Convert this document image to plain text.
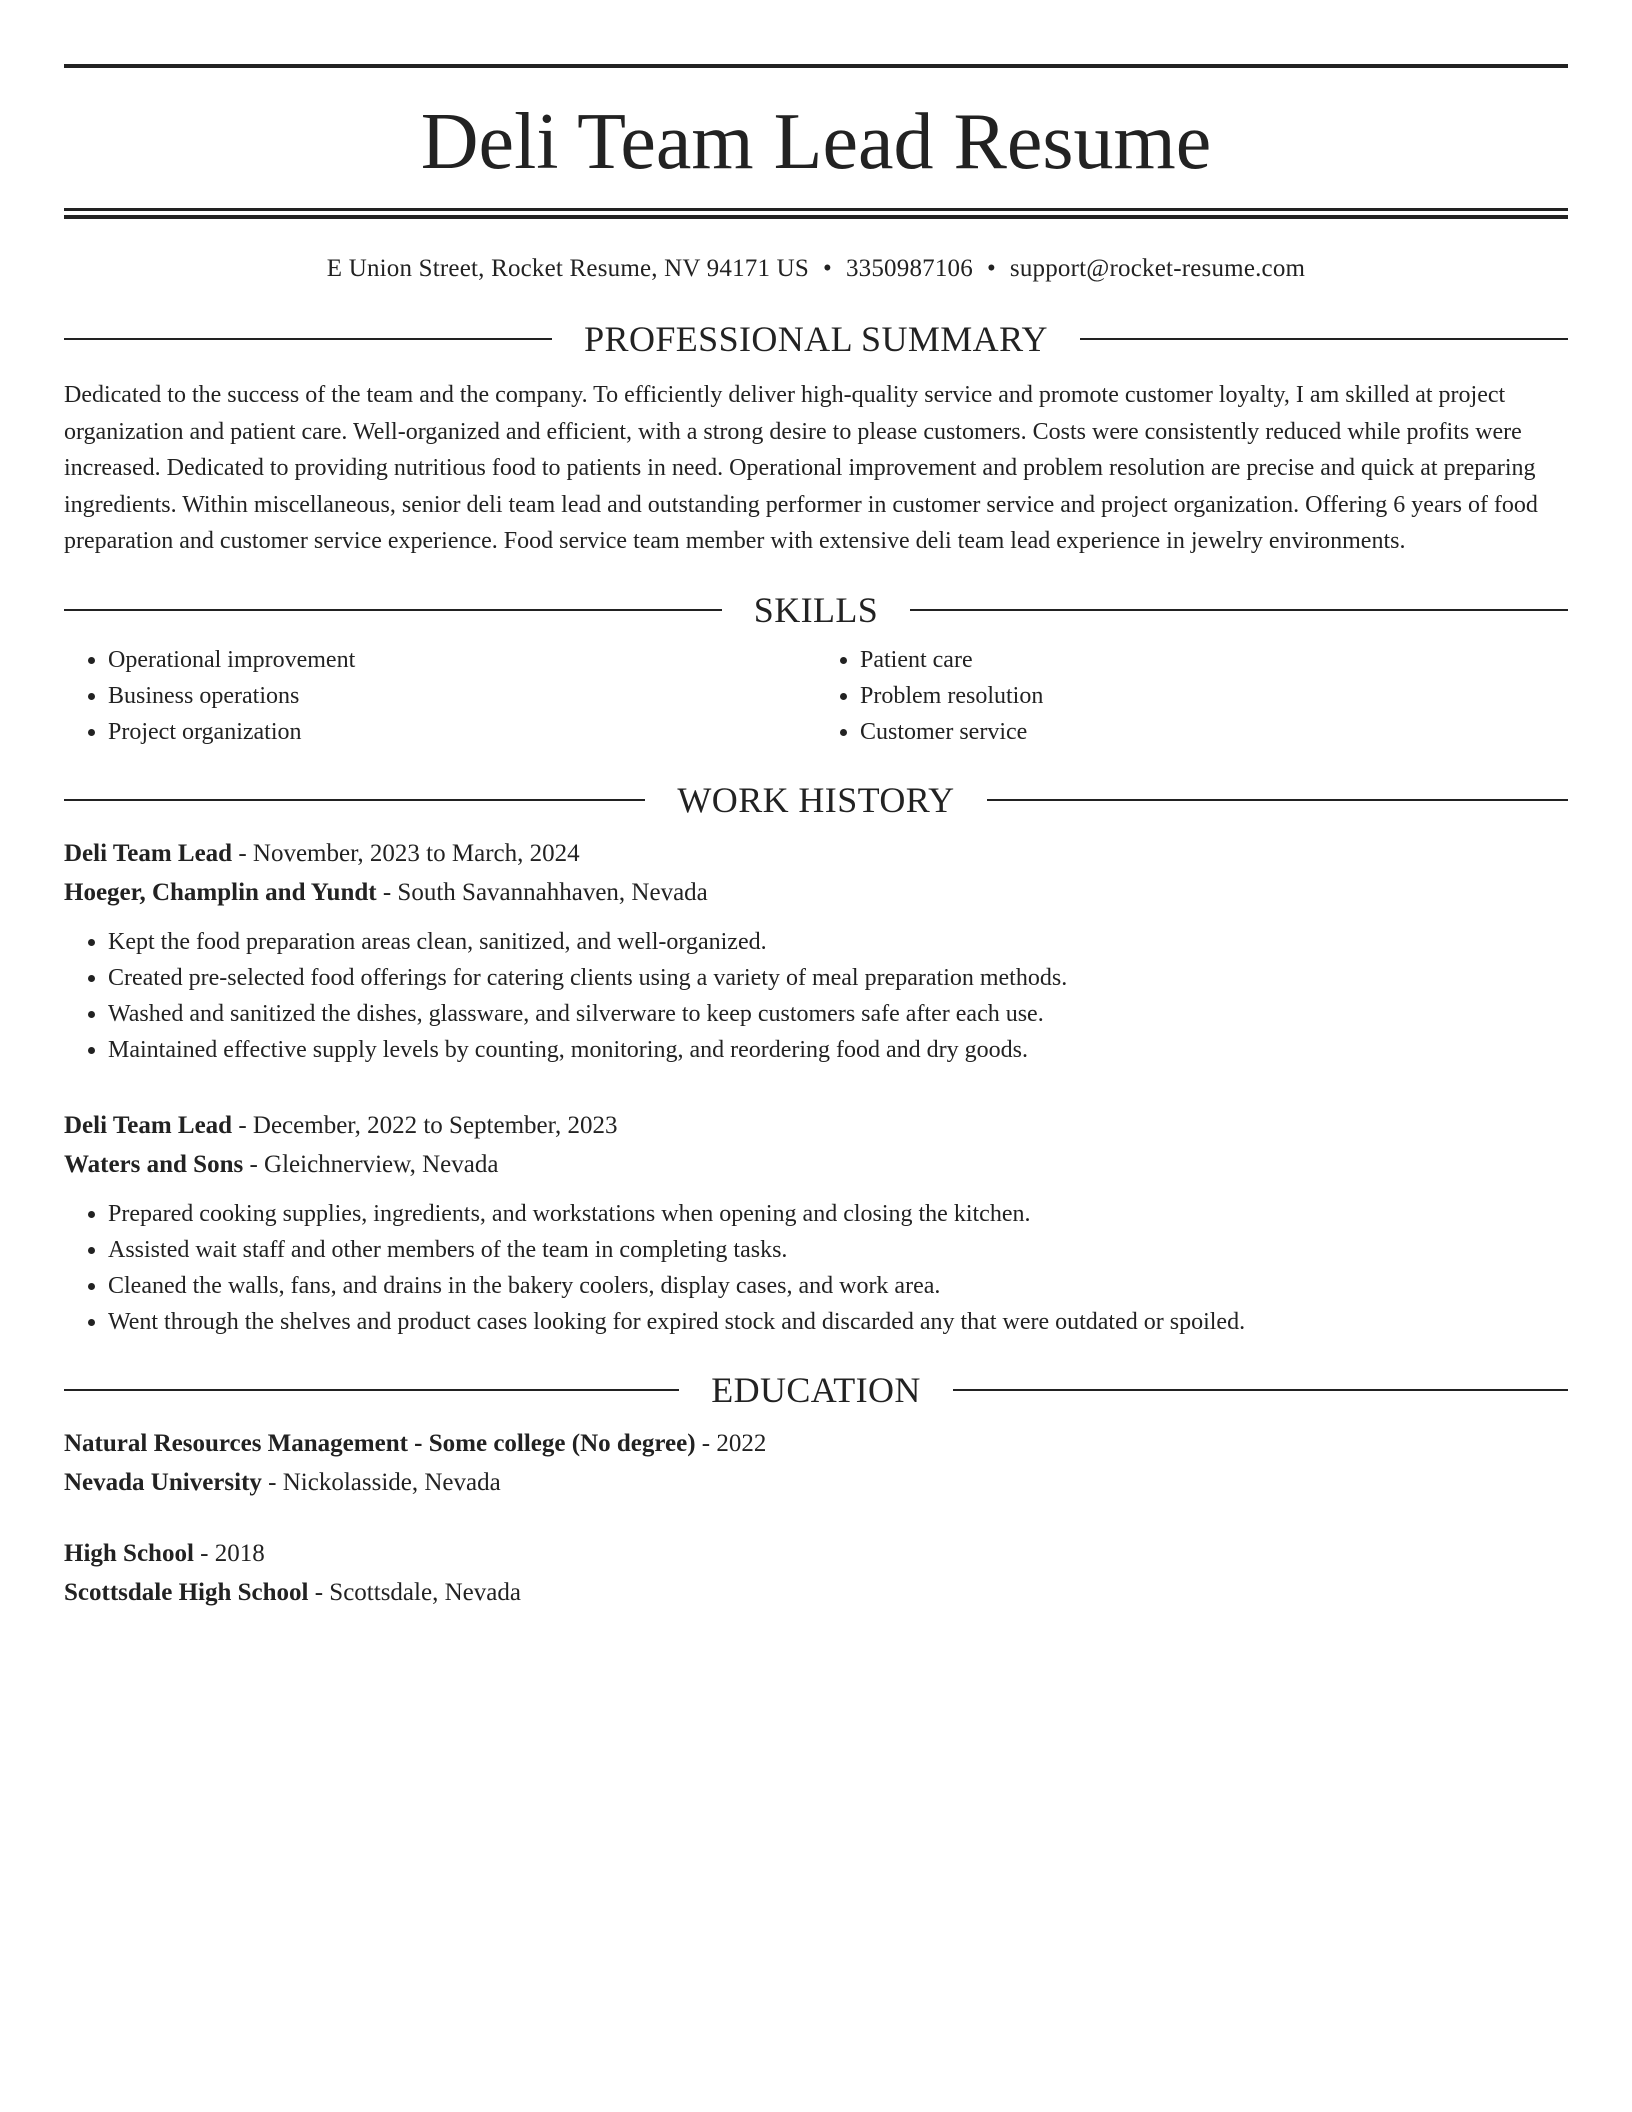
Deli Team Lead Resume
E Union Street, Rocket Resume, NV 94171 US • 3350987106 • support@rocket-resume.com
PROFESSIONAL SUMMARY
Dedicated to the success of the team and the company. To efficiently deliver high-quality service and promote customer loyalty, I am skilled at project organization and patient care. Well-organized and efficient, with a strong desire to please customers. Costs were consistently reduced while profits were increased. Dedicated to providing nutritious food to patients in need. Operational improvement and problem resolution are precise and quick at preparing ingredients. Within miscellaneous, senior deli team lead and outstanding performer in customer service and project organization. Offering 6 years of food preparation and customer service experience. Food service team member with extensive deli team lead experience in jewelry environments.
SKILLS
• Operational improvement
• Business operations
• Project organization
• Patient care
• Problem resolution
• Customer service
WORK HISTORY
Deli Team Lead - November, 2023 to March, 2024
Hoeger, Champlin and Yundt - South Savannahhaven, Nevada
• Kept the food preparation areas clean, sanitized, and well-organized.
• Created pre-selected food offerings for catering clients using a variety of meal preparation methods.
• Washed and sanitized the dishes, glassware, and silverware to keep customers safe after each use.
• Maintained effective supply levels by counting, monitoring, and reordering food and dry goods.
Deli Team Lead - December, 2022 to September, 2023
Waters and Sons - Gleichnerview, Nevada
• Prepared cooking supplies, ingredients, and workstations when opening and closing the kitchen.
• Assisted wait staff and other members of the team in completing tasks.
• Cleaned the walls, fans, and drains in the bakery coolers, display cases, and work area.
• Went through the shelves and product cases looking for expired stock and discarded any that were outdated or spoiled.
EDUCATION
Natural Resources Management - Some college (No degree) - 2022
Nevada University - Nickolasside, Nevada
High School - 2018
Scottsdale High School - Scottsdale, Nevada
